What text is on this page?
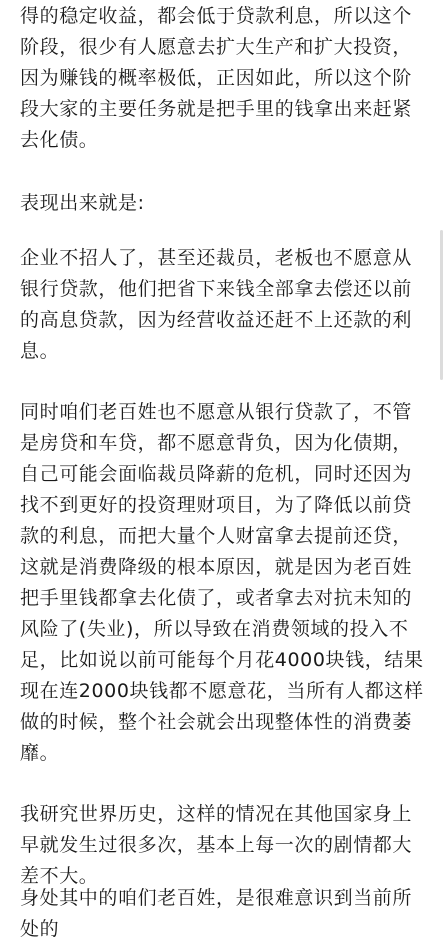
得的稳定收益，都会低于贷款利息，所以这个阶段，很少有人愿意去扩大生产和扩大投资，因为赚钱的概率极低，正因如此，所以这个阶段大家的主要任务就是把手里的钱拿出来赶紧去化债。

表现出来就是:

企业不招人了，甚至还裁员，老板也不愿意从银行贷款，他们把省下来钱全部拿去偿还以前的高息贷款，因为经营收益还赶不上还款的利息。

同时咱们老百姓也不愿意从银行贷款了，不管是房贷和车贷，都不愿意背负，因为化债期，自己可能会面临裁员降薪的危机，同时还因为找不到更好的投资理财项目，为了降低以前贷款的利息，而把大量个人财富拿去提前还贷，这就是消费降级的根本原因，就是因为老百姓把手里钱都拿去化债了，或者拿去对抗未知的风险了(失业)，所以导致在消费领域的投入不足，比如说以前可能每个月花4000块钱，结果现在连2000块钱都不愿意花，当所有人都这样做的时候，整个社会就会出现整体性的消费萎靡。

我研究世界历史，这样的情况在其他国家身上早就发生过很多次，基本上每一次的剧情都大差不大。

身处其中的咱们老百姓，是很难意识到当前所处的
